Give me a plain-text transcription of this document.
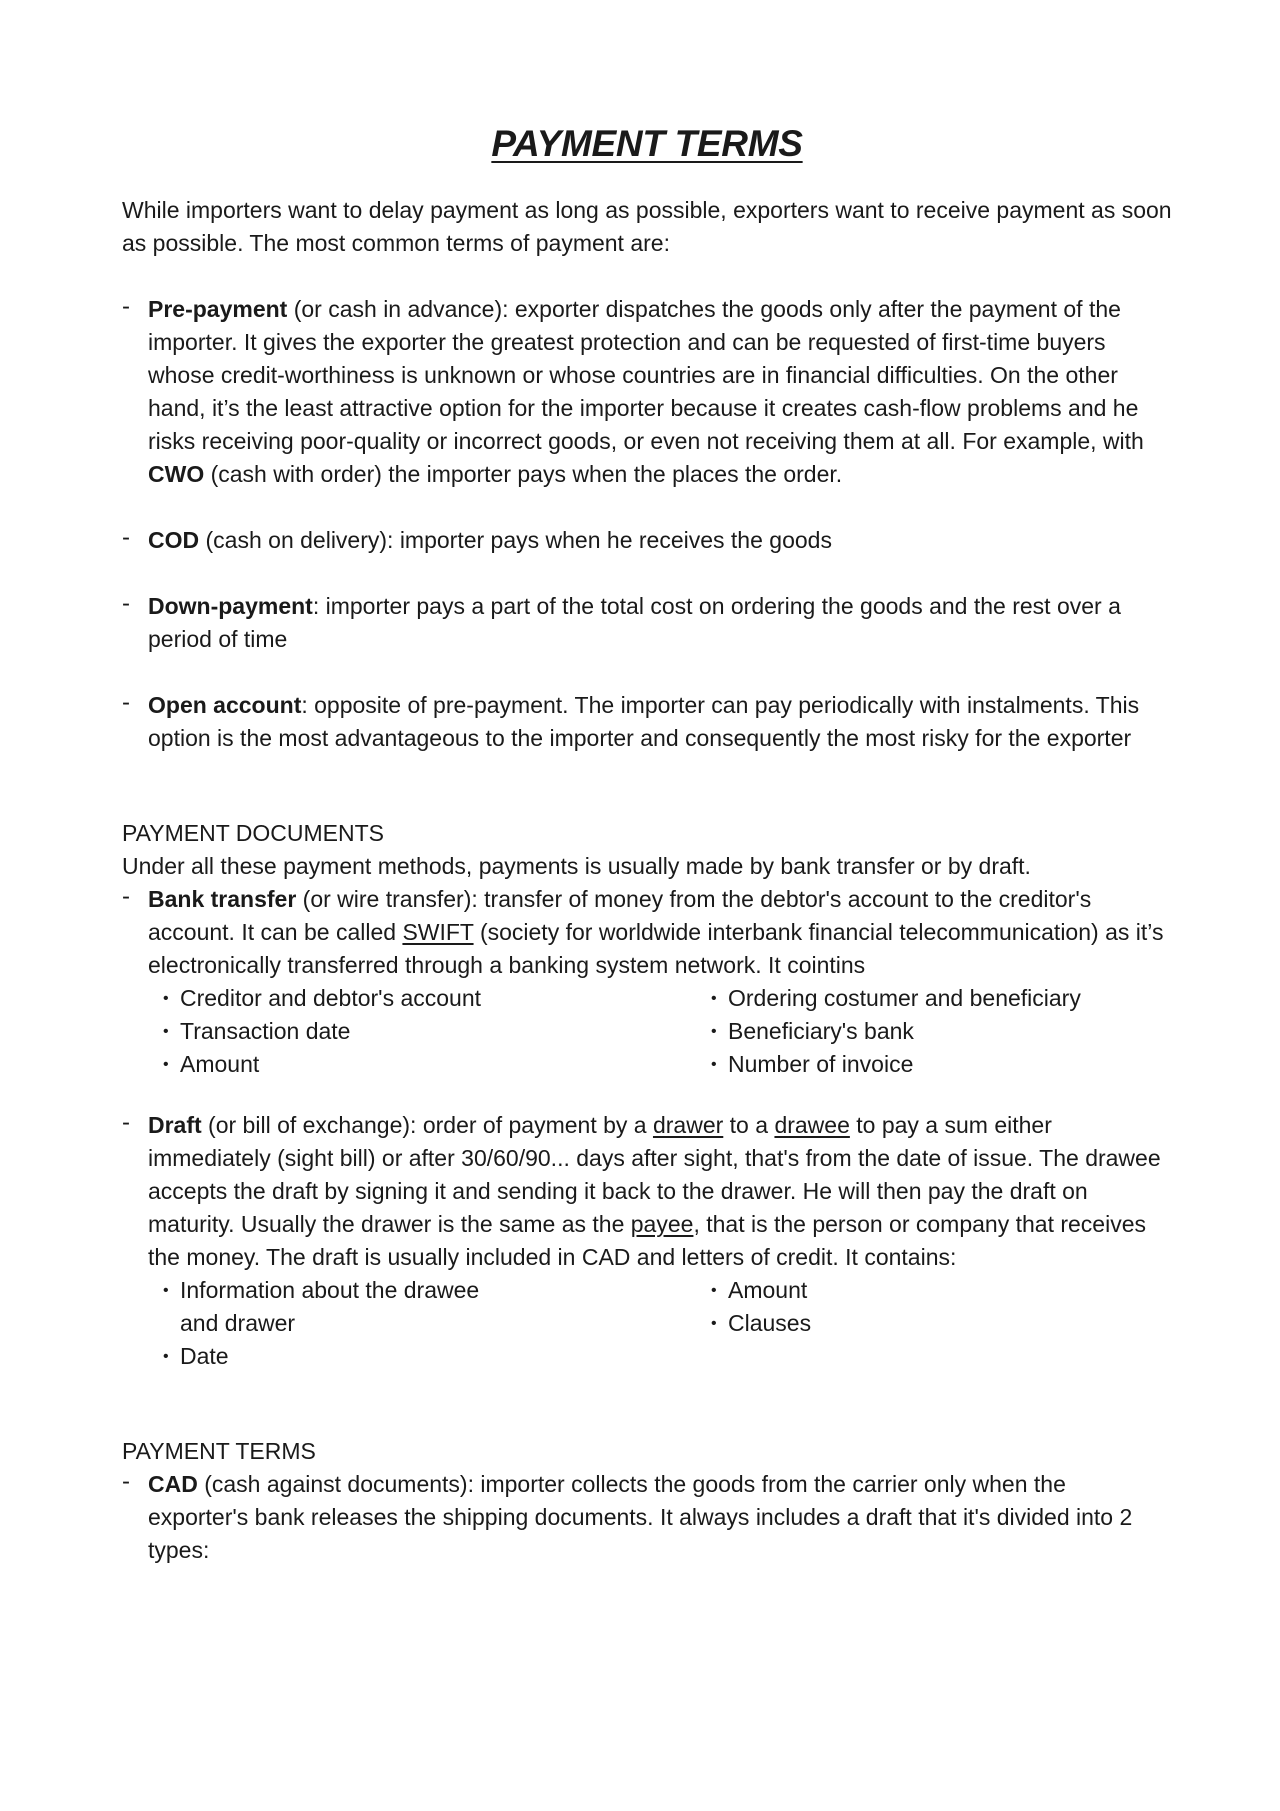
PAYMENT TERMS

While importers want to delay payment as long as possible, exporters want to receive payment as soon as possible. The most common terms of payment are:

- Pre-payment (or cash in advance): exporter dispatches the goods only after the payment of the importer. It gives the exporter the greatest protection and can be requested of first-time buyers whose credit-worthiness is unknown or whose countries are in financial difficulties. On the other hand, it’s the least attractive option for the importer because it creates cash-flow problems and he risks receiving poor-quality or incorrect goods, or even not receiving them at all. For example, with CWO (cash with order) the importer pays when the places the order.

- COD (cash on delivery): importer pays when he receives the goods

- Down-payment: importer pays a part of the total cost on ordering the goods and the rest over a period of time

- Open account: opposite of pre-payment. The importer can pay periodically with instalments. This option is the most advantageous to the importer and consequently the most risky for the exporter

PAYMENT DOCUMENTS

Under all these payment methods, payments is usually made by bank transfer or by draft.

- Bank transfer (or wire transfer): transfer of money from the debtor's account to the creditor's account. It can be called SWIFT (society for worldwide interbank financial telecommunication) as it’s electronically transferred through a banking system network. It cointins

• Creditor and debtor's account
• Transaction date
• Amount
• Ordering costumer and beneficiary
• Beneficiary's bank
• Number of invoice

- Draft (or bill of exchange): order of payment by a drawer to a drawee to pay a sum either immediately (sight bill) or after 30/60/90... days after sight, that's from the date of issue. The drawee accepts the draft by signing it and sending it back to the drawer. He will then pay the draft on maturity. Usually the drawer is the same as the payee, that is the person or company that receives the money. The draft is usually included in CAD and letters of credit. It contains:

• Information about the drawee and drawer
• Date
• Amount
• Clauses

PAYMENT TERMS

- CAD (cash against documents): importer collects the goods from the carrier only when the exporter's bank releases the shipping documents. It always includes a draft that it's divided into 2 types:
